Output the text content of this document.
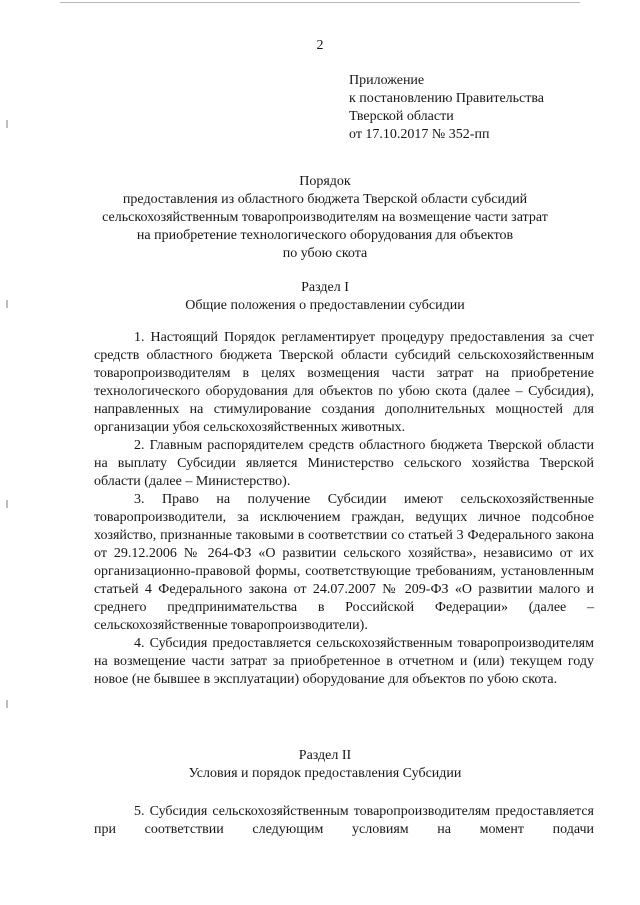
2
Приложение
к постановлению Правительства
Тверской области
от 17.10.2017 № 352-пп
Порядок
предоставления из областного бюджета Тверской области субсидий
сельскохозяйственным товаропроизводителям на возмещение части затрат
на приобретение технологического оборудования для объектов
по убою скота
Раздел I
Общие положения о предоставлении субсидии

1. Настоящий Порядок регламентирует процедуру предоставления за счет средств областного бюджета Тверской области субсидий сельскохозяйственным товаропроизводителям в целях возмещения части затрат на приобретение технологического оборудования для объектов по убою скота (далее – Субсидия), направленных на стимулирование создания дополнительных мощностей для организации убоя сельскохозяйственных животных.

2. Главным распорядителем средств областного бюджета Тверской области на выплату Субсидии является Министерство сельского хозяйства Тверской области (далее – Министерство).

3. Право на получение Субсидии имеют сельскохозяйственные товаропроизводители, за исключением граждан, ведущих личное подсобное хозяйство, признанные таковыми в соответствии со статьей 3 Федерального закона от 29.12.2006 № 264-ФЗ «О развитии сельского хозяйства», независимо от их организационно-правовой формы, соответствующие требованиям, установленным статьей 4 Федерального закона от 24.07.2007 № 209-ФЗ «О развитии малого и среднего предпринимательства в Российской Федерации» (далее – сельскохозяйственные товаропроизводители).

4. Субсидия предоставляется сельскохозяйственным товаропроизводителям на возмещение части затрат за приобретенное в отчетном и (или) текущем году новое (не бывшее в эксплуатации) оборудование для объектов по убою скота.

Раздел II
Условия и порядок предоставления Субсидии

5. Субсидия сельскохозяйственным товаропроизводителям предоставляется при соответствии следующим условиям на момент подачи
